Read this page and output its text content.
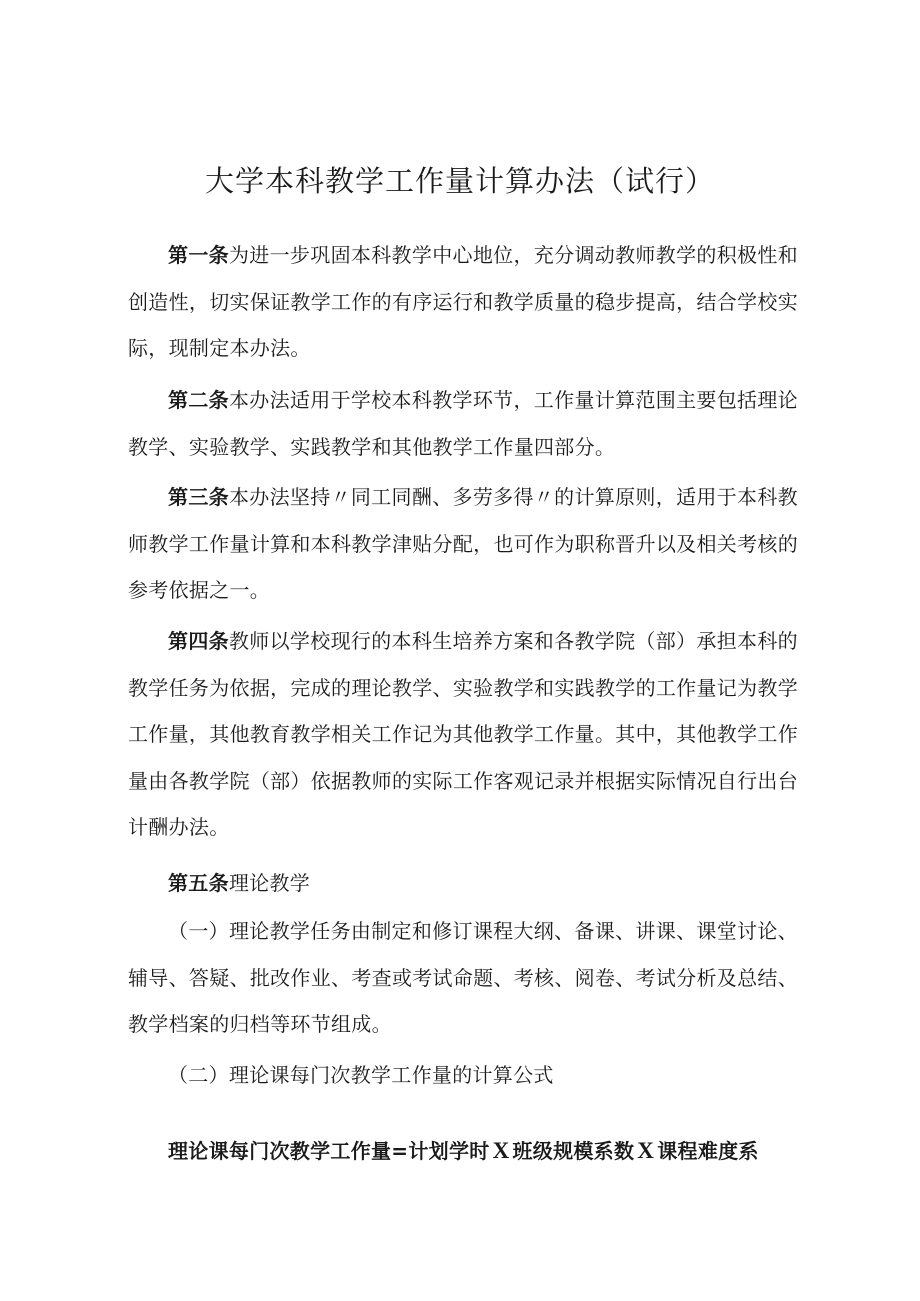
大学本科教学工作量计算办法（试行）

第一条为进一步巩固本科教学中心地位，充分调动教师教学的积极性和创造性，切实保证教学工作的有序运行和教学质量的稳步提高，结合学校实际，现制定本办法。

第二条本办法适用于学校本科教学环节，工作量计算范围主要包括理论教学、实验教学、实践教学和其他教学工作量四部分。

第三条本办法坚持〃同工同酬、多劳多得〃的计算原则，适用于本科教师教学工作量计算和本科教学津贴分配，也可作为职称晋升以及相关考核的参考依据之一。

第四条教师以学校现行的本科生培养方案和各教学院（部）承担本科的教学任务为依据，完成的理论教学、实验教学和实践教学的工作量记为教学工作量，其他教育教学相关工作记为其他教学工作量。其中，其他教学工作量由各教学院（部）依据教师的实际工作客观记录并根据实际情况自行出台计酬办法。

第五条理论教学

（一）理论教学任务由制定和修订课程大纲、备课、讲课、课堂讨论、辅导、答疑、批改作业、考查或考试命题、考核、阅卷、考试分析及总结、教学档案的归档等环节组成。

（二）理论课每门次教学工作量的计算公式

理论课每门次教学工作量=计划学时 X 班级规模系数 X 课程难度系
